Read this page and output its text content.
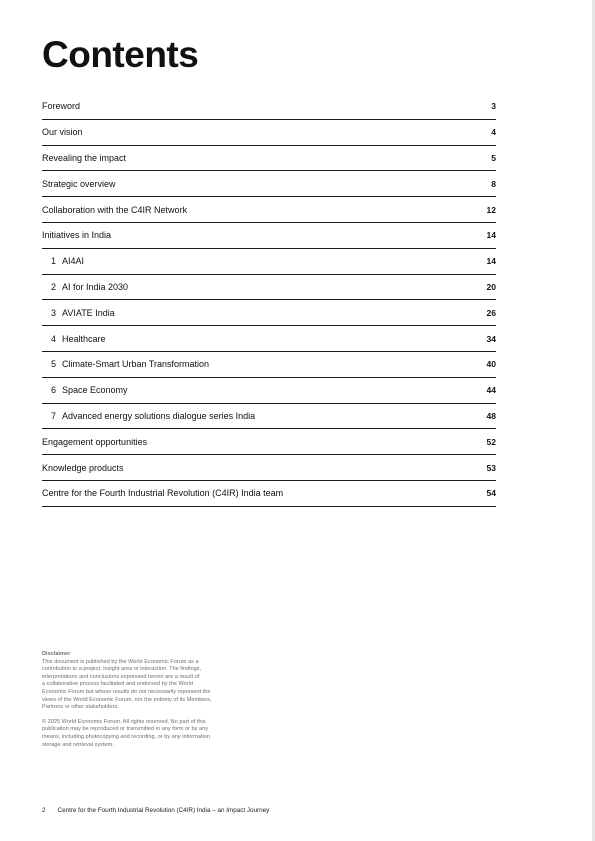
Contents
Foreword	3
Our vision	4
Revealing the impact	5
Strategic overview	8
Collaboration with the C4IR Network	12
Initiatives in India	14
1 AI4AI	14
2 AI for India 2030	20
3 AVIATE India	26
4 Healthcare	34
5 Climate-Smart Urban Transformation	40
6 Space Economy	44
7 Advanced energy solutions dialogue series India	48
Engagement opportunities	52
Knowledge products	53
Centre for the Fourth Industrial Revolution (C4IR) India team	54
Disclaimer
This document is published by the World Economic Forum as a
contribution to a project, insight area or interaction. The findings,
interpretations and conclusions expressed herein are a result of
a collaborative process facilitated and endorsed by the World
Economic Forum but whose results do not necessarily represent the
views of the World Economic Forum, nor the entirety of its Members,
Partners or other stakeholders.
© 2025 World Economic Forum. All rights reserved. No part of this
publication may be reproduced or transmitted in any form or by any
means, including photocopying and recording, or by any information
storage and retrieval system.
2 Centre for the Fourth Industrial Revolution (C4IR) India – an Impact Journey
